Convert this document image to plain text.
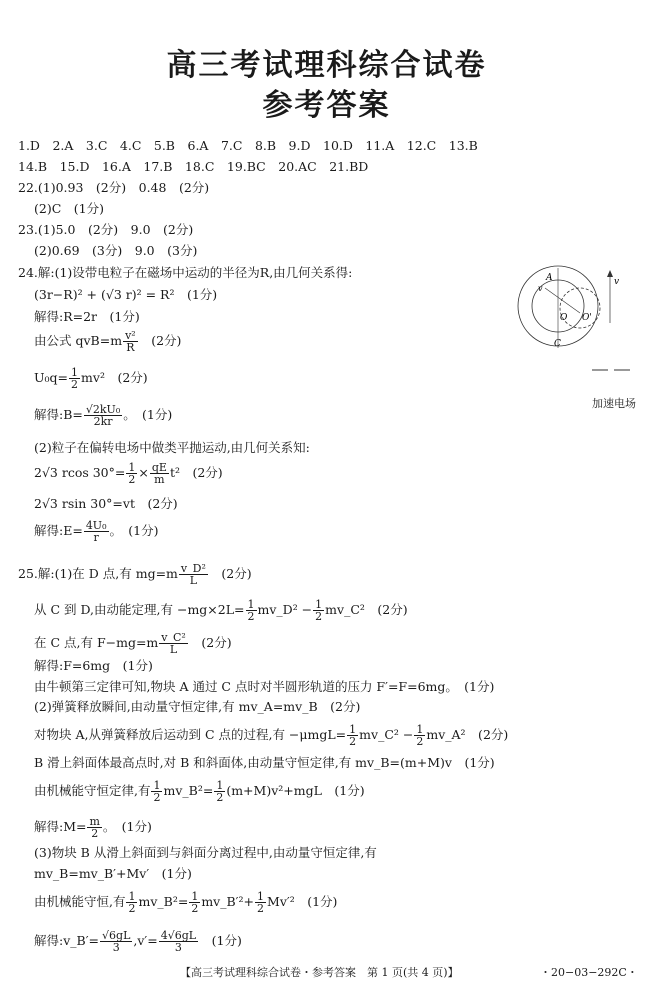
高三考试理科综合试卷
参考答案
1.D　2.A　3.C　4.C　5.B　6.A　7.C　8.B　9.D　10.D　11.A　12.C　13.B
14.B　15.D　16.A　17.B　18.C　19.BC　20.AC　21.BD
22.(1)0.93　(2分)　0.48　(2分)
(2)C　(1分)
23.(1)5.0　(2分)　9.0　(2分)
(2)0.69　(3分)　9.0　(3分)
24.解:(1)设带电粒子在磁场中运动的半径为R,由几何关系得:
(3r−R)² + (√3 r)² = R²　(1分)
解得:R=2r　(1分)
由公式 $qvB=m \frac{\text{v²}}{R}$
　 (2分)
$U_0q= \frac{1}{2} mv^2$　(2分)
解得:B= $\frac{\text{√2kU₀}}{2kr}$ 。　(1分)
(2)粒子在偏转电场中做类平抛运动,由几何关系知:
2√3 rcos $30^\circ= \frac{1}{2} \times \frac{qE}{m} t^2$　(2分)
2√3 rsin 30°=vt　(2分)
解得:E= $\frac{\text{4U₀}}{r}$ 。　(1分)
A	v
O O'
C
v
加速电场
25.解:(1)在 D 点,有 $mg=m \frac{\text{v\_D²}}{L}$
　 (2分)
从 C 到 D,由动能定理,有 $-mg\times 2L= \frac{1}{2}$ mv_D² − $\frac{1}{2}$ mv_C²　(2分)
在 C 点,有 $F-mg=m \frac{\text{v\_C²}}{L}$
　 (2分)
解得:F=6mg　(1分)
由牛顿第三定律可知,物块 A 通过 C 点时对半圆形轨道的压力 F′=F=6mg。　(1分)
(2)弹簧释放瞬间,由动量守恒定律,有 mv_A=mv_B　(2分)
对物块 A,从弹簧释放后运动到 C 点的过程,有 $-\mu mgL= \frac{1}{2}$ mv_C² − $\frac{1}{2}$ mv_A²　(2分)
B 滑上斜面体最高点时,对 B 和斜面体,由动量守恒定律,有 mv_B=(m+M)v　(1分)
由机械能守恒定律,有 $\frac{1}{2}$ mv_B²= $\frac{1}{2} (m+M)v^2+mgL$　(1分)
解得:M= $\frac{m}{2}$ 。　(1分)
(3)物块 B 从滑上斜面到与斜面分离过程中,由动量守恒定律,有
mv_B=mv_B′+Mv′　(1分)
由机械能守恒,有 $\frac{1}{2}$ mv_B²= $\frac{1}{2}$ mv_B′²+ $\frac{1}{2} Mv'^2$　(1分)
解得:v_B′= $\frac{√6gL}{3} ,v'= \frac{4√6gL}{3}$
　 (1分)
【高三考试理科综合试卷・参考答案　第 1 页(共 4 页)】	・20−03−292C・
